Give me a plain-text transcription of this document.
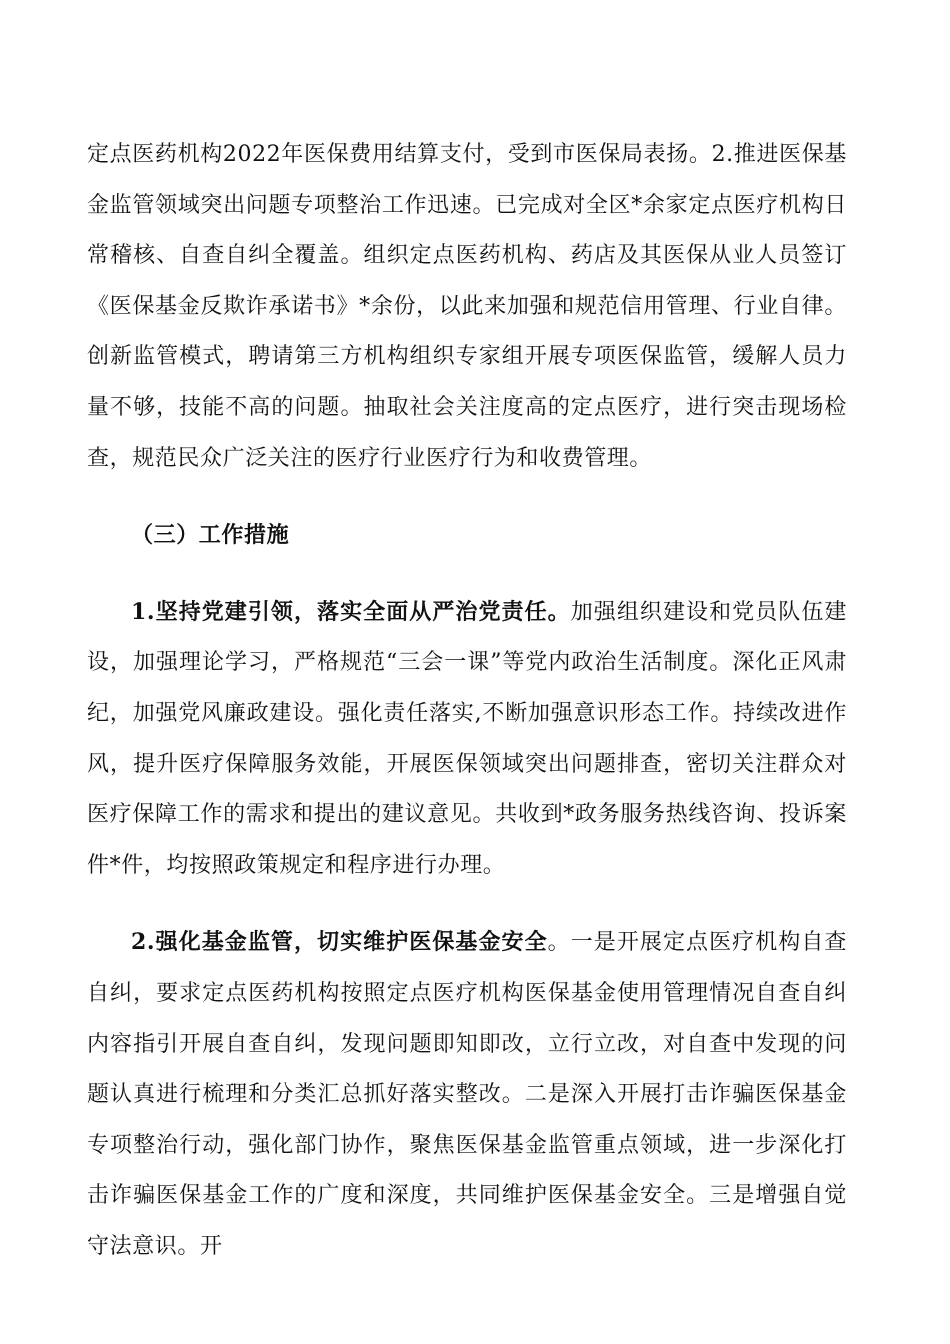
定点医药机构2022年医保费用结算支付，受到市医保局表扬。2.推进医保基金监管领域突出问题专项整治工作迅速。已完成对全区*余家定点医疗机构日常稽核、自查自纠全覆盖。组织定点医药机构、药店及其医保从业人员签订《医保基金反欺诈承诺书》*余份，以此来加强和规范信用管理、行业自律。创新监管模式，聘请第三方机构组织专家组开展专项医保监管，缓解人员力量不够，技能不高的问题。抽取社会关注度高的定点医疗，进行突击现场检查，规范民众广泛关注的医疗行业医疗行为和收费管理。

（三）工作措施

1.坚持党建引领，落实全面从严治党责任。加强组织建设和党员队伍建设，加强理论学习，严格规范“三会一课”等党内政治生活制度。深化正风肃纪，加强党风廉政建设。强化责任落实,不断加强意识形态工作。持续改进作风，提升医疗保障服务效能，开展医保领域突出问题排查，密切关注群众对医疗保障工作的需求和提出的建议意见。共收到*政务服务热线咨询、投诉案件*件，均按照政策规定和程序进行办理。

2.强化基金监管，切实维护医保基金安全。一是开展定点医疗机构自查自纠，要求定点医药机构按照定点医疗机构医保基金使用管理情况自查自纠内容指引开展自查自纠，发现问题即知即改，立行立改，对自查中发现的问题认真进行梳理和分类汇总抓好落实整改。二是深入开展打击诈骗医保基金专项整治行动，强化部门协作，聚焦医保基金监管重点领域，进一步深化打击诈骗医保基金工作的广度和深度，共同维护医保基金安全。三是增强自觉守法意识。开
